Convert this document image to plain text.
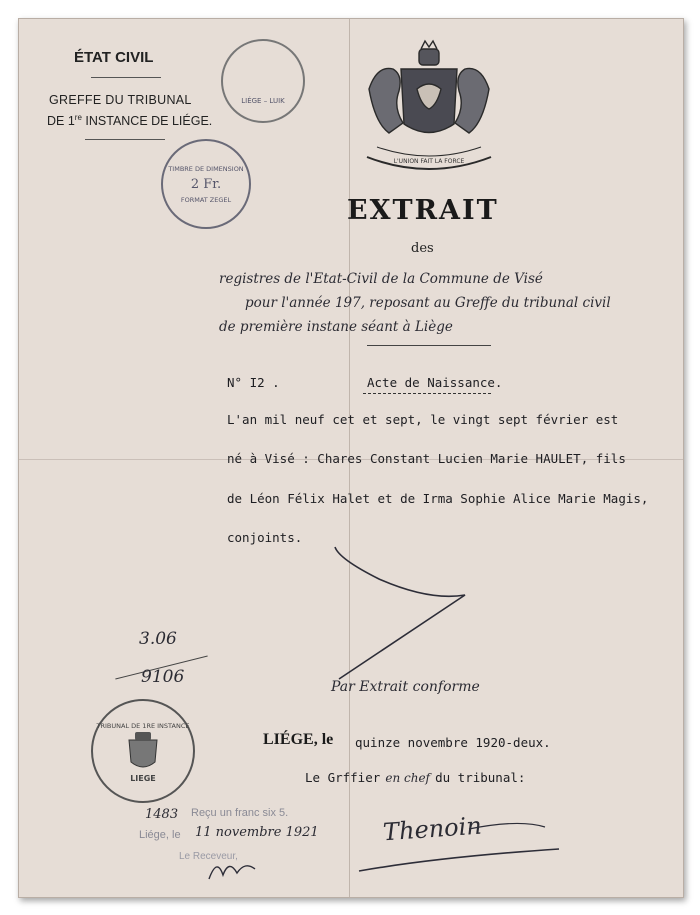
ÉTAT CIVIL
GREFFE DU TRIBUNAL
DE 1re INSTANCE DE LIÉGE.
LIÉGE – LUIK
TIMBRE DE DIMENSION
2 Fr.
FORMAT ZEGEL
L'UNION FAIT LA FORCE
EXTRAIT
des
registres de l'Etat-Civil de la Commune de Visé
pour l'année 197, reposant au Greffe du tribunal civil
de première instane séant à Liège
N° I2 .	Acte de Naissance.
L'an mil neuf cet et sept, le vingt sept février est
né à Visé : Chares Constant Lucien Marie HAULET, fils
de Léon Félix Halet et de Irma Sophie Alice Marie Magis,
conjoints.
3.06
9106	Par Extrait conforme
TRIBUNAL DE 1RE INSTANCE
LIEGE
LIÉGE, le quinze novembre 1920-deux.
Le Grffier en chef du tribunal:
1483 Reçu un franc six 5.
Liége, le 11 novembre 1921
Le Receveur,
Thenoin
